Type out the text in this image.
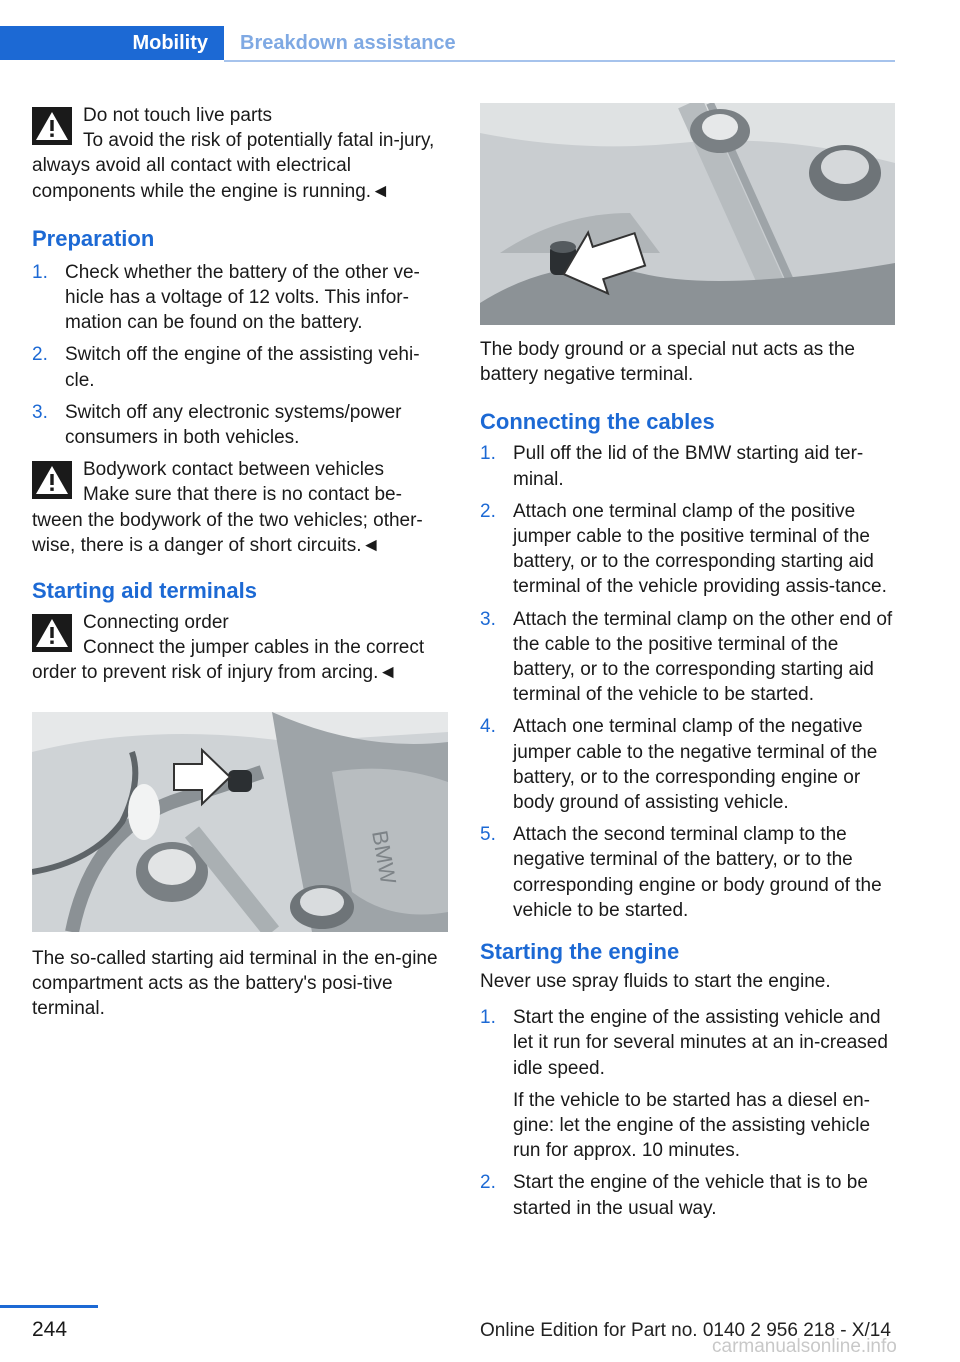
Mobility	Breakdown assistance

Do not touch live parts

To avoid the risk of potentially fatal in-jury, always avoid all contact with electrical components while the engine is running.◄

Preparation
1. Check whether the battery of the other ve-hicle has a voltage of 12 volts. This infor-mation can be found on the battery.
2. Switch off the engine of the assisting vehi-cle.
3. Switch off any electronic systems/power consumers in both vehicles.

Bodywork contact between vehicles

Make sure that there is no contact be-tween the bodywork of the two vehicles; other-wise, there is a danger of short circuits.◄

Starting aid terminals

Connecting order

Connect the jumper cables in the correct order to prevent risk of injury from arcing.◄

BMW

The so-called starting aid terminal in the en-gine compartment acts as the battery's posi-tive terminal.

The body ground or a special nut acts as the battery negative terminal.

Connecting the cables
1. Pull off the lid of the BMW starting aid ter-minal.
2. Attach one terminal clamp of the positive jumper cable to the positive terminal of the battery, or to the corresponding starting aid terminal of the vehicle providing assis-tance.
3. Attach the terminal clamp on the other end of the cable to the positive terminal of the battery, or to the corresponding starting aid terminal of the vehicle to be started.
4. Attach one terminal clamp of the negative jumper cable to the negative terminal of the battery, or to the corresponding engine or body ground of assisting vehicle.
5. Attach the second terminal clamp to the negative terminal of the battery, or to the corresponding engine or body ground of the vehicle to be started.
Starting the engine

Never use spray fluids to start the engine.

1. Start the engine of the assisting vehicle and let it run for several minutes at an in-creased idle speed.

If the vehicle to be started has a diesel en-gine: let the engine of the assisting vehicle run for approx. 10 minutes.

2. Start the engine of the vehicle that is to be started in the usual way.
244	Online Edition for Part no. 0140 2 956 218 - X/14
carmanualsonline.info
